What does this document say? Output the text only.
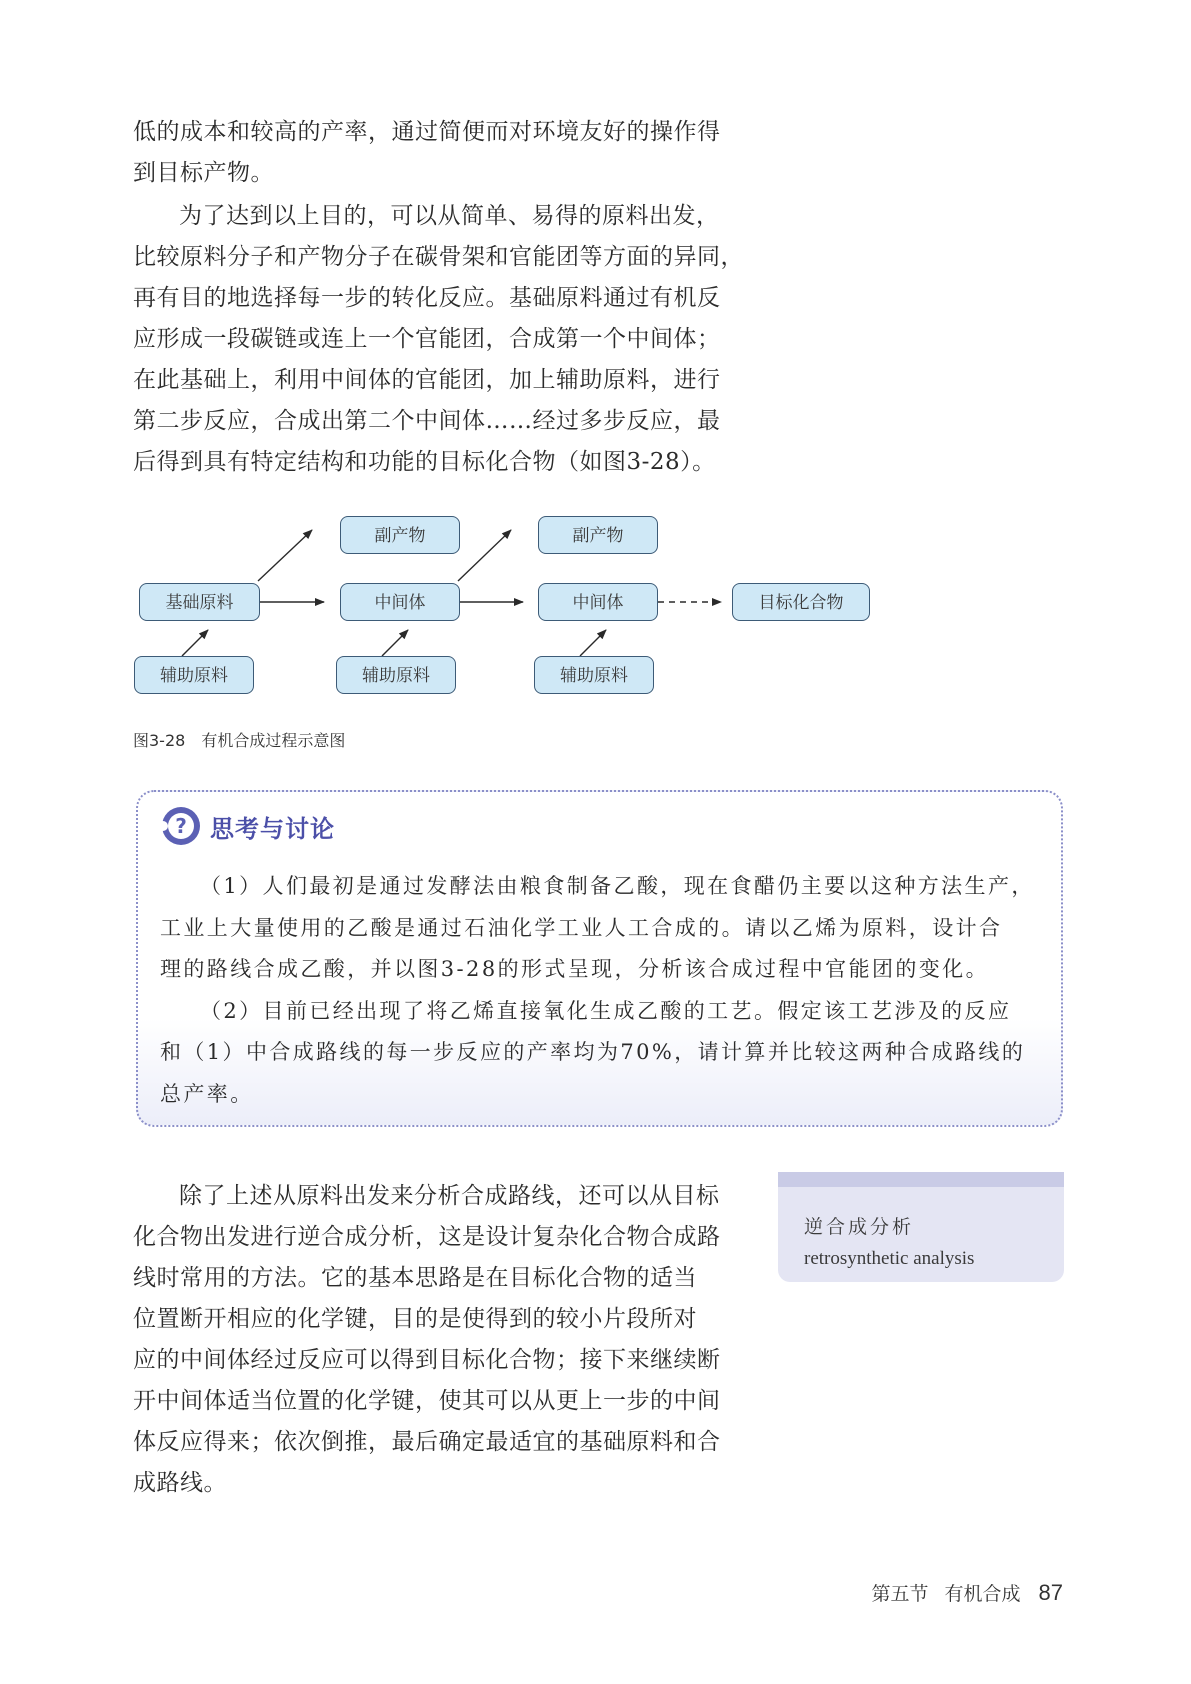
低的成本和较高的产率，通过简便而对环境友好的操作得
到目标产物。

为了达到以上目的，可以从简单、易得的原料出发，
比较原料分子和产物分子在碳骨架和官能团等方面的异同，
再有目的地选择每一步的转化反应。基础原料通过有机反
应形成一段碳链或连上一个官能团，合成第一个中间体；
在此基础上，利用中间体的官能团，加上辅助原料，进行
第二步反应，合成出第二个中间体……经过多步反应，最
后得到具有特定结构和功能的目标化合物（如图3-28）。

副产物	副产物
基础原料	中间体	中间体	目标化合物
辅助原料	辅助原料	辅助原料
图3-28 有机合成过程示意图
? 思考与讨论
（1）人们最初是通过发酵法由粮食制备乙酸，现在食醋仍主要以这种方法生产，
工业上大量使用的乙酸是通过石油化学工业人工合成的。请以乙烯为原料，设计合
理的路线合成乙酸，并以图3-28的形式呈现，分析该合成过程中官能团的变化。
（2）目前已经出现了将乙烯直接氧化生成乙酸的工艺。假定该工艺涉及的反应
和（1）中合成路线的每一步反应的产率均为70%，请计算并比较这两种合成路线的
总产率。

除了上述从原料出发来分析合成路线，还可以从目标
化合物出发进行逆合成分析，这是设计复杂化合物合成路
线时常用的方法。它的基本思路是在目标化合物的适当
位置断开相应的化学键，目的是使得到的较小片段所对
应的中间体经过反应可以得到目标化合物；接下来继续断
开中间体适当位置的化学键，使其可以从更上一步的中间
体反应得来；依次倒推，最后确定最适宜的基础原料和合
成路线。

逆合成分析
retrosynthetic analysis
第五节 有机合成 87
